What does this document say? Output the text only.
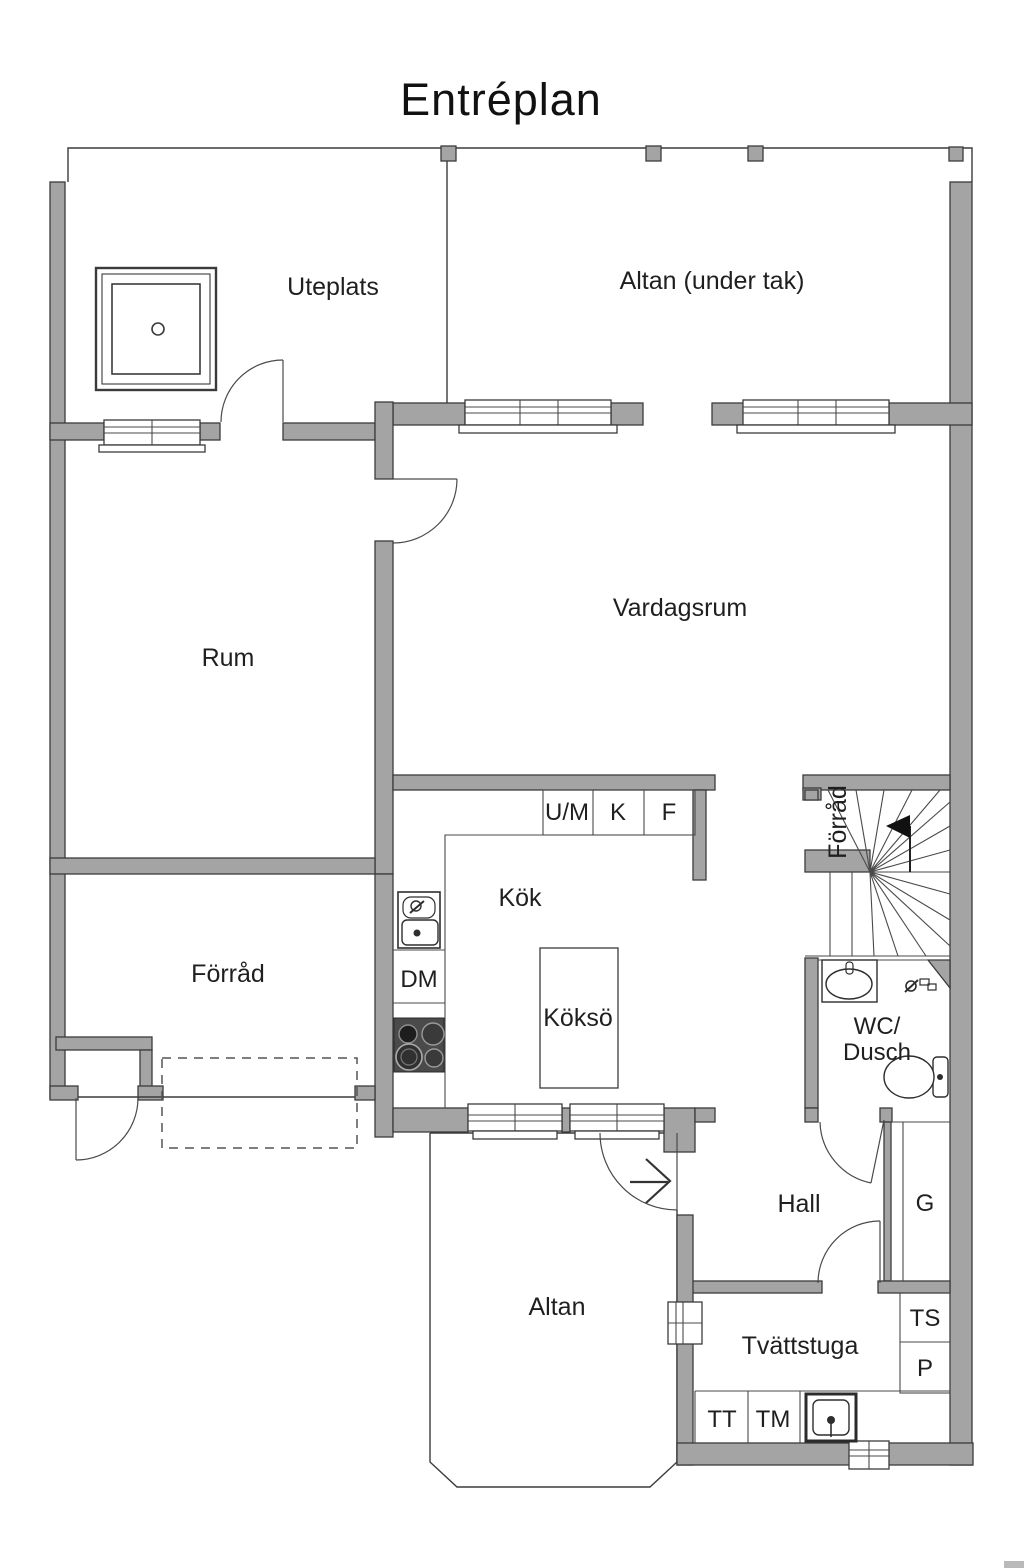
Entréplan
Uteplats	Altan (under tak)
Rum
Vardagsrum
U/M K F
Kök
Förråd
DM
Köksö
Förråd
WC/
Dusch
Hall	G
Altan	TS
P
Tvättstuga
TT TM
